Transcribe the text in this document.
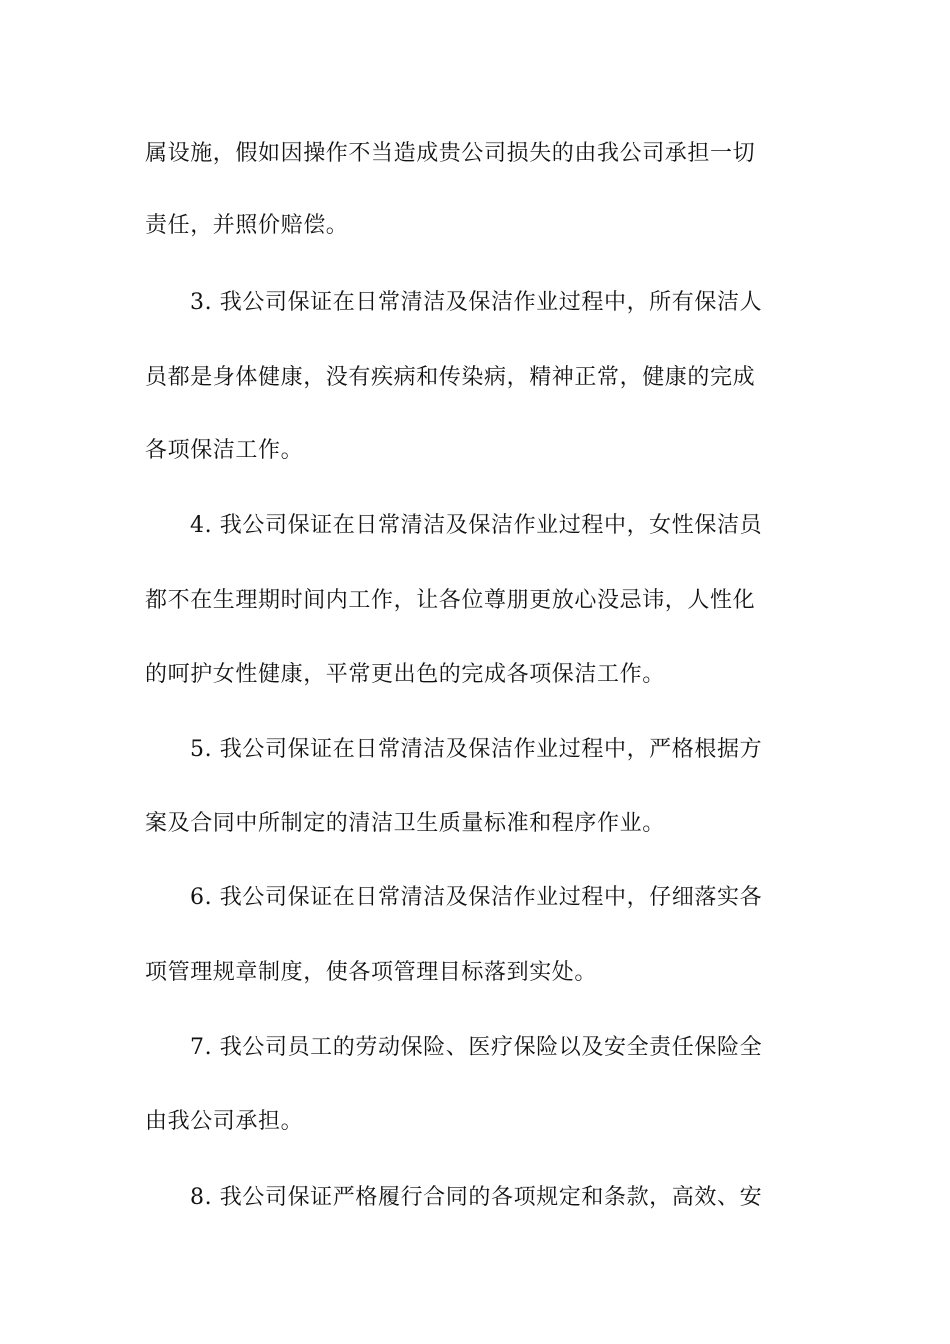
属设施，假如因操作不当造成贵公司损失的由我公司承担一切
责任，并照价赔偿。
3. 我公司保证在日常清洁及保洁作业过程中，所有保洁人
员都是身体健康，没有疾病和传染病，精神正常，健康的完成
各项保洁工作。
4. 我公司保证在日常清洁及保洁作业过程中，女性保洁员
都不在生理期时间内工作，让各位尊朋更放心没忌讳，人性化
的呵护女性健康，平常更出色的完成各项保洁工作。
5. 我公司保证在日常清洁及保洁作业过程中，严格根据方
案及合同中所制定的清洁卫生质量标准和程序作业。
6. 我公司保证在日常清洁及保洁作业过程中，仔细落实各
项管理规章制度，使各项管理目标落到实处。
7. 我公司员工的劳动保险、医疗保险以及安全责任保险全
由我公司承担。
8. 我公司保证严格履行合同的各项规定和条款，高效、安
